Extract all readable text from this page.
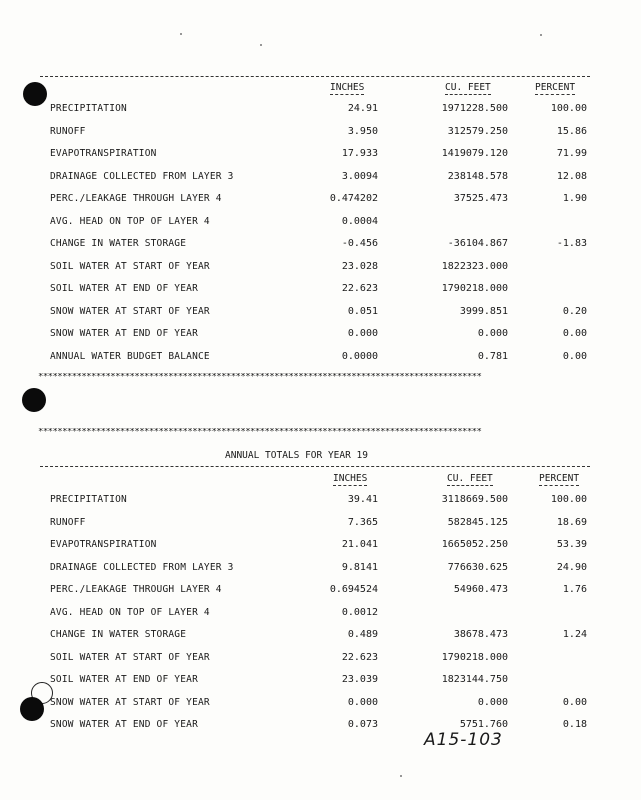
INCHES	CU. FEET	PERCENT
PRECIPITATION	24.91	1971228.500	100.00
RUNOFF	3.950	312579.250	15.86
EVAPOTRANSPIRATION	17.933	1419079.120	71.99
DRAINAGE COLLECTED FROM LAYER 3	3.0094	238148.578	12.08
PERC./LEAKAGE THROUGH LAYER 4	0.474202	37525.473	1.90
AVG. HEAD ON TOP OF LAYER 4	0.0004
CHANGE IN WATER STORAGE	-0.456	-36104.867	-1.83
SOIL WATER AT START OF YEAR	23.028	1822323.000
SOIL WATER AT END OF YEAR	22.623	1790218.000
SNOW WATER AT START OF YEAR	0.051	3999.851	0.20
SNOW WATER AT END OF YEAR	0.000	0.000	0.00
ANNUAL WATER BUDGET BALANCE	0.0000	0.781	0.00
********************************************************************************************
********************************************************************************************
ANNUAL TOTALS FOR YEAR 19
INCHES	CU. FEET	PERCENT
PRECIPITATION	39.41	3118669.500	100.00
RUNOFF	7.365	582845.125	18.69
EVAPOTRANSPIRATION	21.041	1665052.250	53.39
DRAINAGE COLLECTED FROM LAYER 3	9.8141	776630.625	24.90
PERC./LEAKAGE THROUGH LAYER 4	0.694524	54960.473	1.76
AVG. HEAD ON TOP OF LAYER 4	0.0012
CHANGE IN WATER STORAGE	0.489	38678.473	1.24
SOIL WATER AT START OF YEAR	22.623	1790218.000
SOIL WATER AT END OF YEAR	23.039	1823144.750
SNOW WATER AT START OF YEAR	0.000	0.000	0.00
SNOW WATER AT END OF YEAR	0.073	5751.760	0.18
A15-103
